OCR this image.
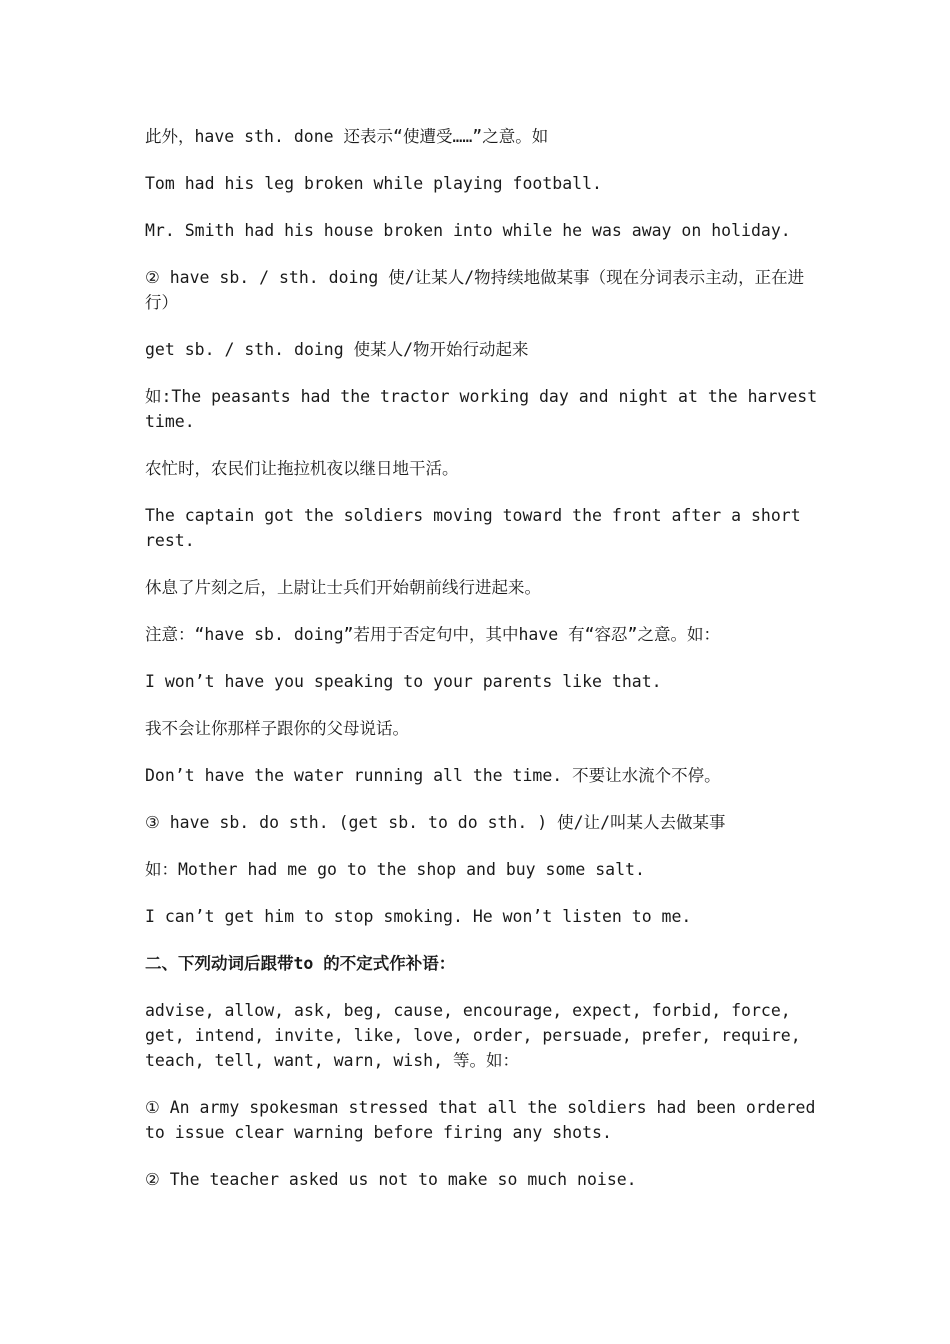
此外，have sth. done 还表示“使遭受……”之意。如

Tom had his leg broken while playing football.

Mr. Smith had his house broken into while he was away on holiday.

② have sb. / sth. doing 使/让某人/物持续地做某事（现在分词表示主动，正在进行）

get sb. / sth. doing 使某人/物开始行动起来

如:The peasants had the tractor working day and night at the harvest time.

农忙时，农民们让拖拉机夜以继日地干活。

The captain got the soldiers moving toward the front after a short rest.

休息了片刻之后，上尉让士兵们开始朝前线行进起来。

注意：“have sb. doing”若用于否定句中，其中have 有“容忍”之意。如：

I won’t have you speaking to your parents like that.

我不会让你那样子跟你的父母说话。

Don’t have the water running all the time. 不要让水流个不停。

③ have sb. do sth. (get sb. to do sth. ) 使/让/叫某人去做某事

如：Mother had me go to the shop and buy some salt.

I can’t get him to stop smoking. He won’t listen to me.

二、下列动词后跟带to 的不定式作补语：

advise, allow, ask, beg, cause, encourage, expect, forbid, force, get, intend, invite, like, love, order, persuade, prefer, require, teach, tell, want, warn, wish, 等。如：

① An army spokesman stressed that all the soldiers had been ordered to issue clear warning before firing any shots.

② The teacher asked us not to make so much noise.
